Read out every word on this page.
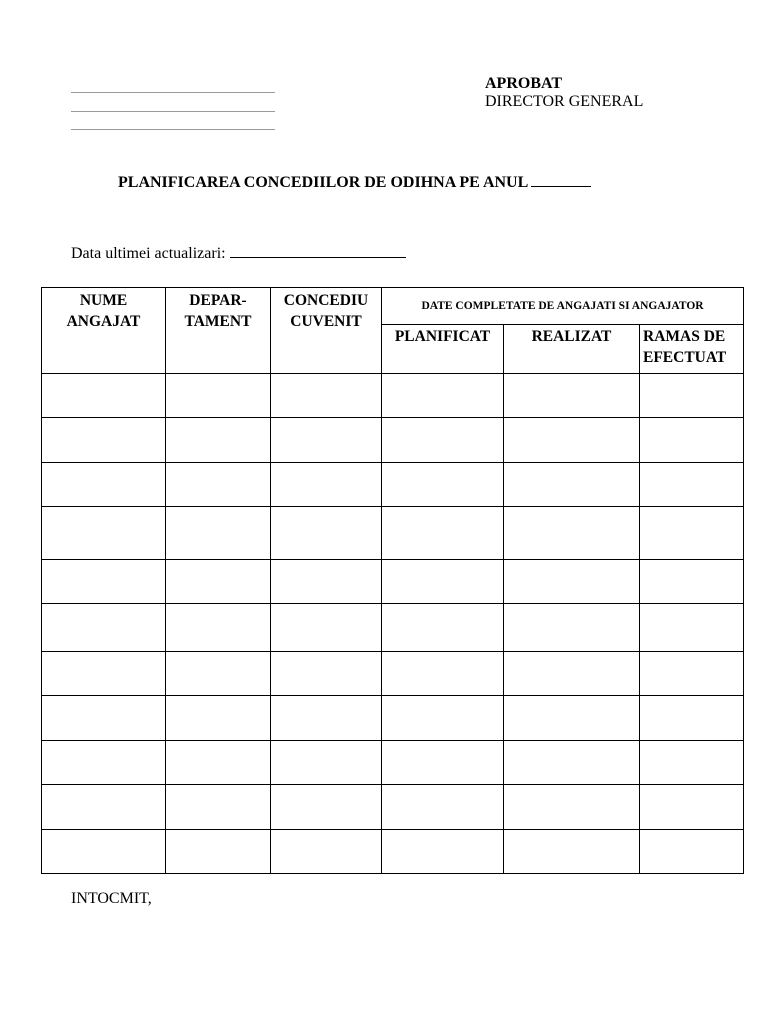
APROBAT
DIRECTOR GENERAL
PLANIFICAREA CONCEDIILOR DE ODIHNA PE ANUL
Data ultimei actualizari:
NUME ANGAJAT	DEPAR- TAMENT	CONCEDIU CUVENIT	DATE COMPLETATE DE ANGAJATI SI ANGAJATOR		
			PLANIFICAT	REALIZAT	RAMAS DE EFECTUAT

INTOCMIT,
